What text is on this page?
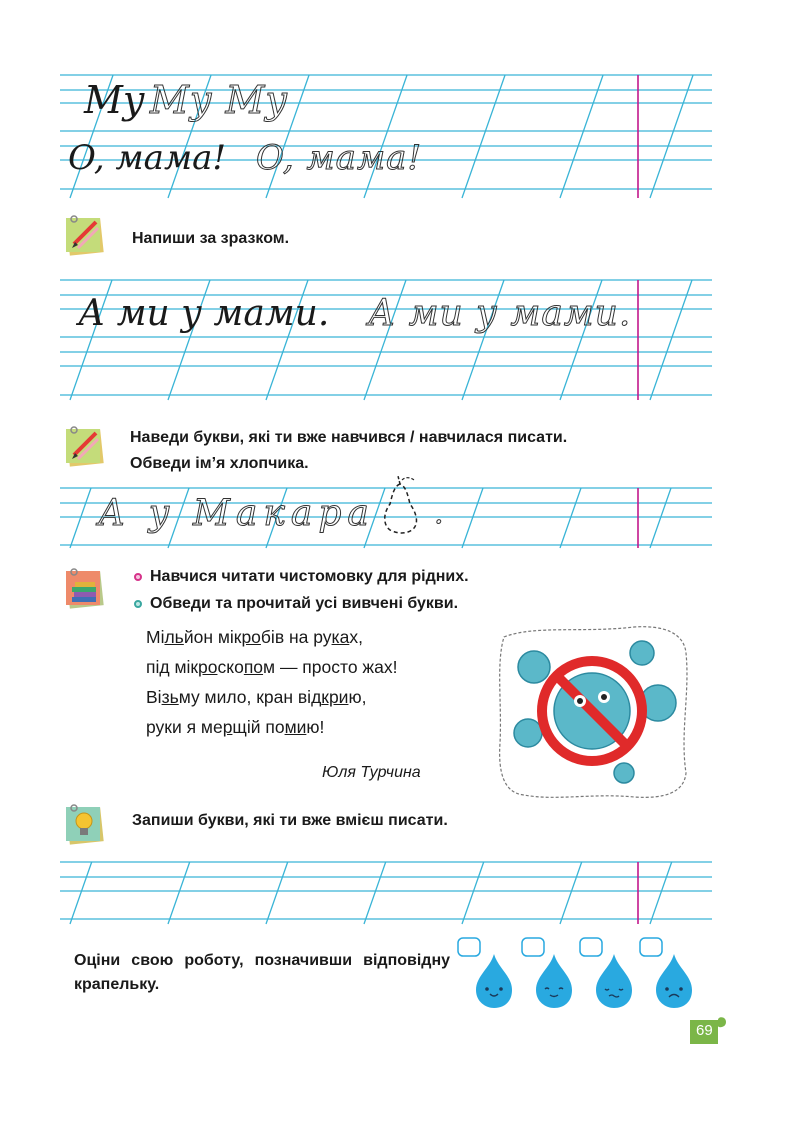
My My My
O, мама! O, мама!
Напиши за зразком.
А ми у мами. А ми у мами.
Наведи букви, які ти вже навчився / навчилася писати.
Обведи ім’я хлопчика.
А у Макара .
Навчися читати чистомовку для рідних.
Обведи та прочитай усі вивчені букви.
Мільйон мікробів на руках,
під мікроскопом — просто жах!
Візьму мило, кран відкрию,
руки я мерщій помию!
Юля Турчина
Запиши букви, які ти вже вмієш писати.
Оціни свою роботу, позначивши відповідну крапельку.
69
